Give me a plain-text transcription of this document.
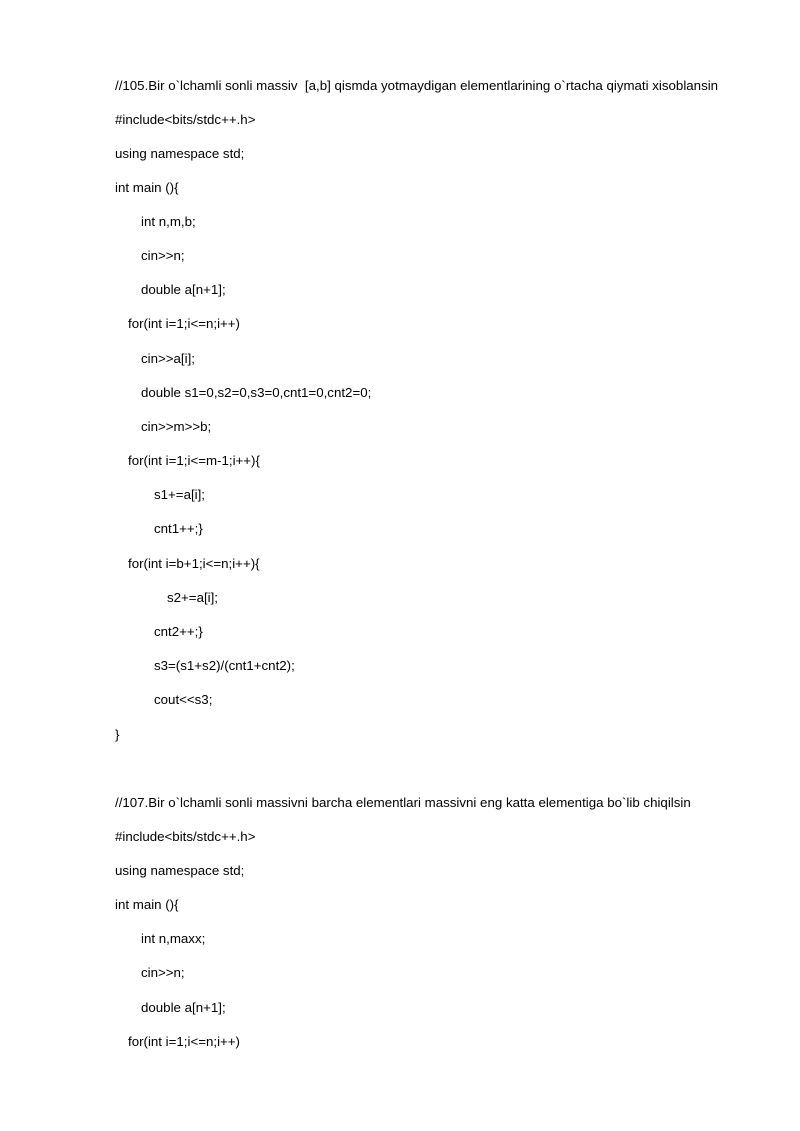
//105.Bir o`lchamli sonli massiv  [a,b] qismda yotmaydigan elementlarining o`rtacha qiymati xisoblansin
#include<bits/stdc++.h>
using namespace std;
int main (){
int n,m,b;
cin>>n;
double a[n+1];
for(int i=1;i<=n;i++)
cin>>a[i];
double s1=0,s2=0,s3=0,cnt1=0,cnt2=0;
cin>>m>>b;
for(int i=1;i<=m-1;i++){
s1+=a[i];
cnt1++;}
for(int i=b+1;i<=n;i++){
s2+=a[i];
cnt2++;}
s3=(s1+s2)/(cnt1+cnt2);
cout<<s3;
}
//107.Bir o`lchamli sonli massivni barcha elementlari massivni eng katta elementiga bo`lib chiqilsin
#include<bits/stdc++.h>
using namespace std;
int main (){
int n,maxx;
cin>>n;
double a[n+1];
for(int i=1;i<=n;i++)
